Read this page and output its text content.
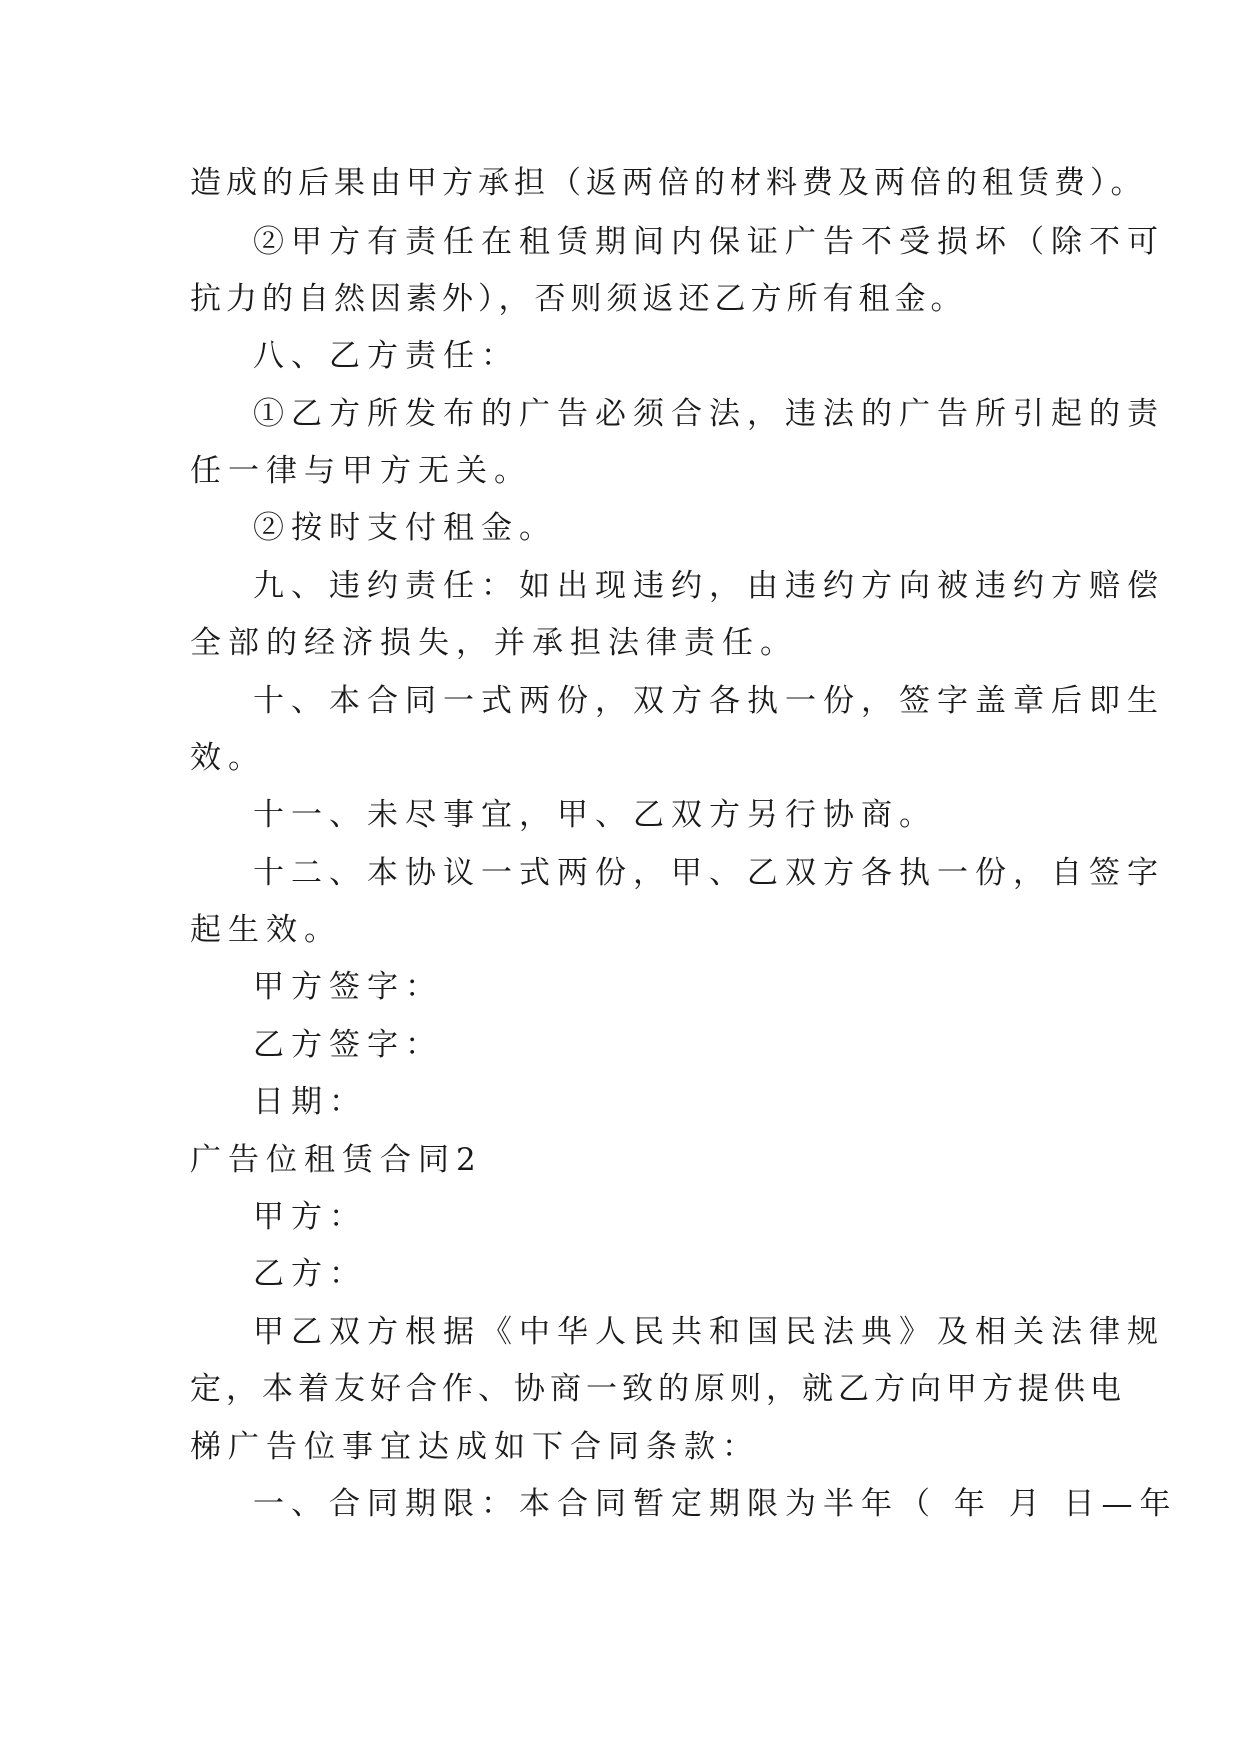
造成的后果由甲方承担（返两倍的材料费及两倍的租赁费）。
②甲方有责任在租赁期间内保证广告不受损坏（除不可
抗力的自然因素外），否则须返还乙方所有租金。
八、乙方责任：
①乙方所发布的广告必须合法，违法的广告所引起的责
任一律与甲方无关。
②按时支付租金。
九、违约责任：如出现违约，由违约方向被违约方赔偿
全部的经济损失，并承担法律责任。
十、本合同一式两份，双方各执一份，签字盖章后即生
效。
十一、未尽事宜，甲、乙双方另行协商。
十二、本协议一式两份，甲、乙双方各执一份，自签字
起生效。
甲方签字：
乙方签字：
日期：
广告位租赁合同2
甲方：
乙方：
甲乙双方根据《中华人民共和国民法典》及相关法律规
定，本着友好合作、协商一致的原则，就乙方向甲方提供电
梯广告位事宜达成如下合同条款：
一、合同期限：本合同暂定期限为半年（ 年 月 日—年
